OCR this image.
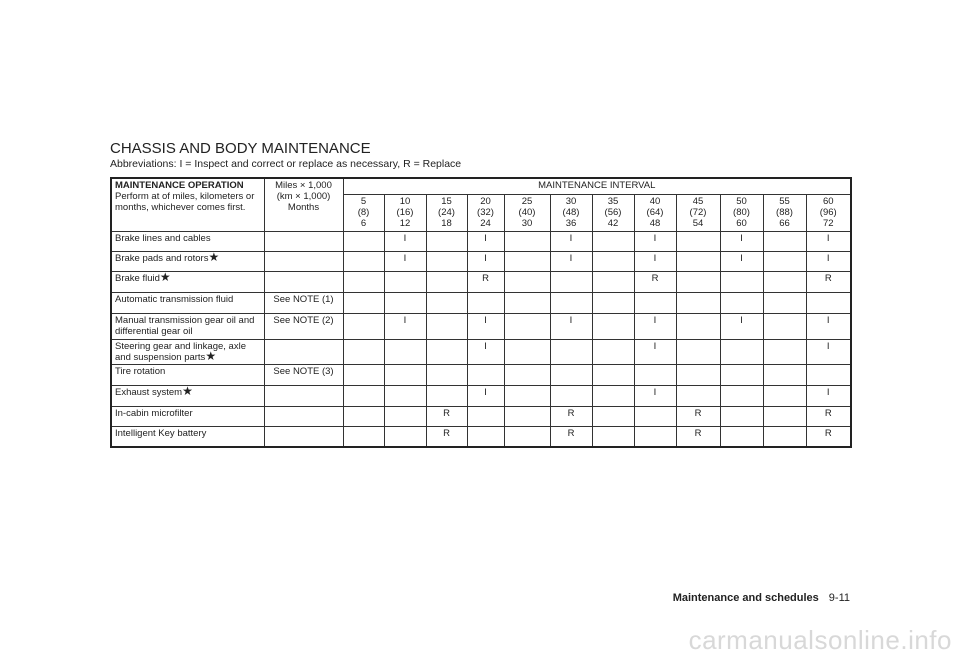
CHASSIS AND BODY MAINTENANCE
Abbreviations: I = Inspect and correct or replace as necessary, R = Replace
MAINTENANCE OPERATION
Perform at of miles, kilometers or months, whichever comes first.	Miles × 1,000
(km × 1,000)
Months	MAINTENANCE INTERVAL											
		5
(8)
6	10
(16)
12	15
(24)
18	20
(32)
24	25
(40)
30	30
(48)
36	35
(56)
42	40
(64)
48	45
(72)
54	50
(80)
60	55
(88)
66	60
(96)
72
Brake lines and cables			I		I		I		I		I		I
Brake pads and rotors★			I		I		I		I		I		I
Brake fluid★					R				R				R
Automatic transmission fluid	See NOTE (1)												
Manual transmission gear oil and differential gear oil	See NOTE (2)		I		I		I		I		I		I
Steering gear and linkage, axle and suspension parts★					I				I				I
Tire rotation	See NOTE (3)												
Exhaust system★					I				I				I
In-cabin microfilter				R			R			R			R
Intelligent Key battery				R			R			R			R
Maintenance and schedules 9-11
carmanualsonline.info
